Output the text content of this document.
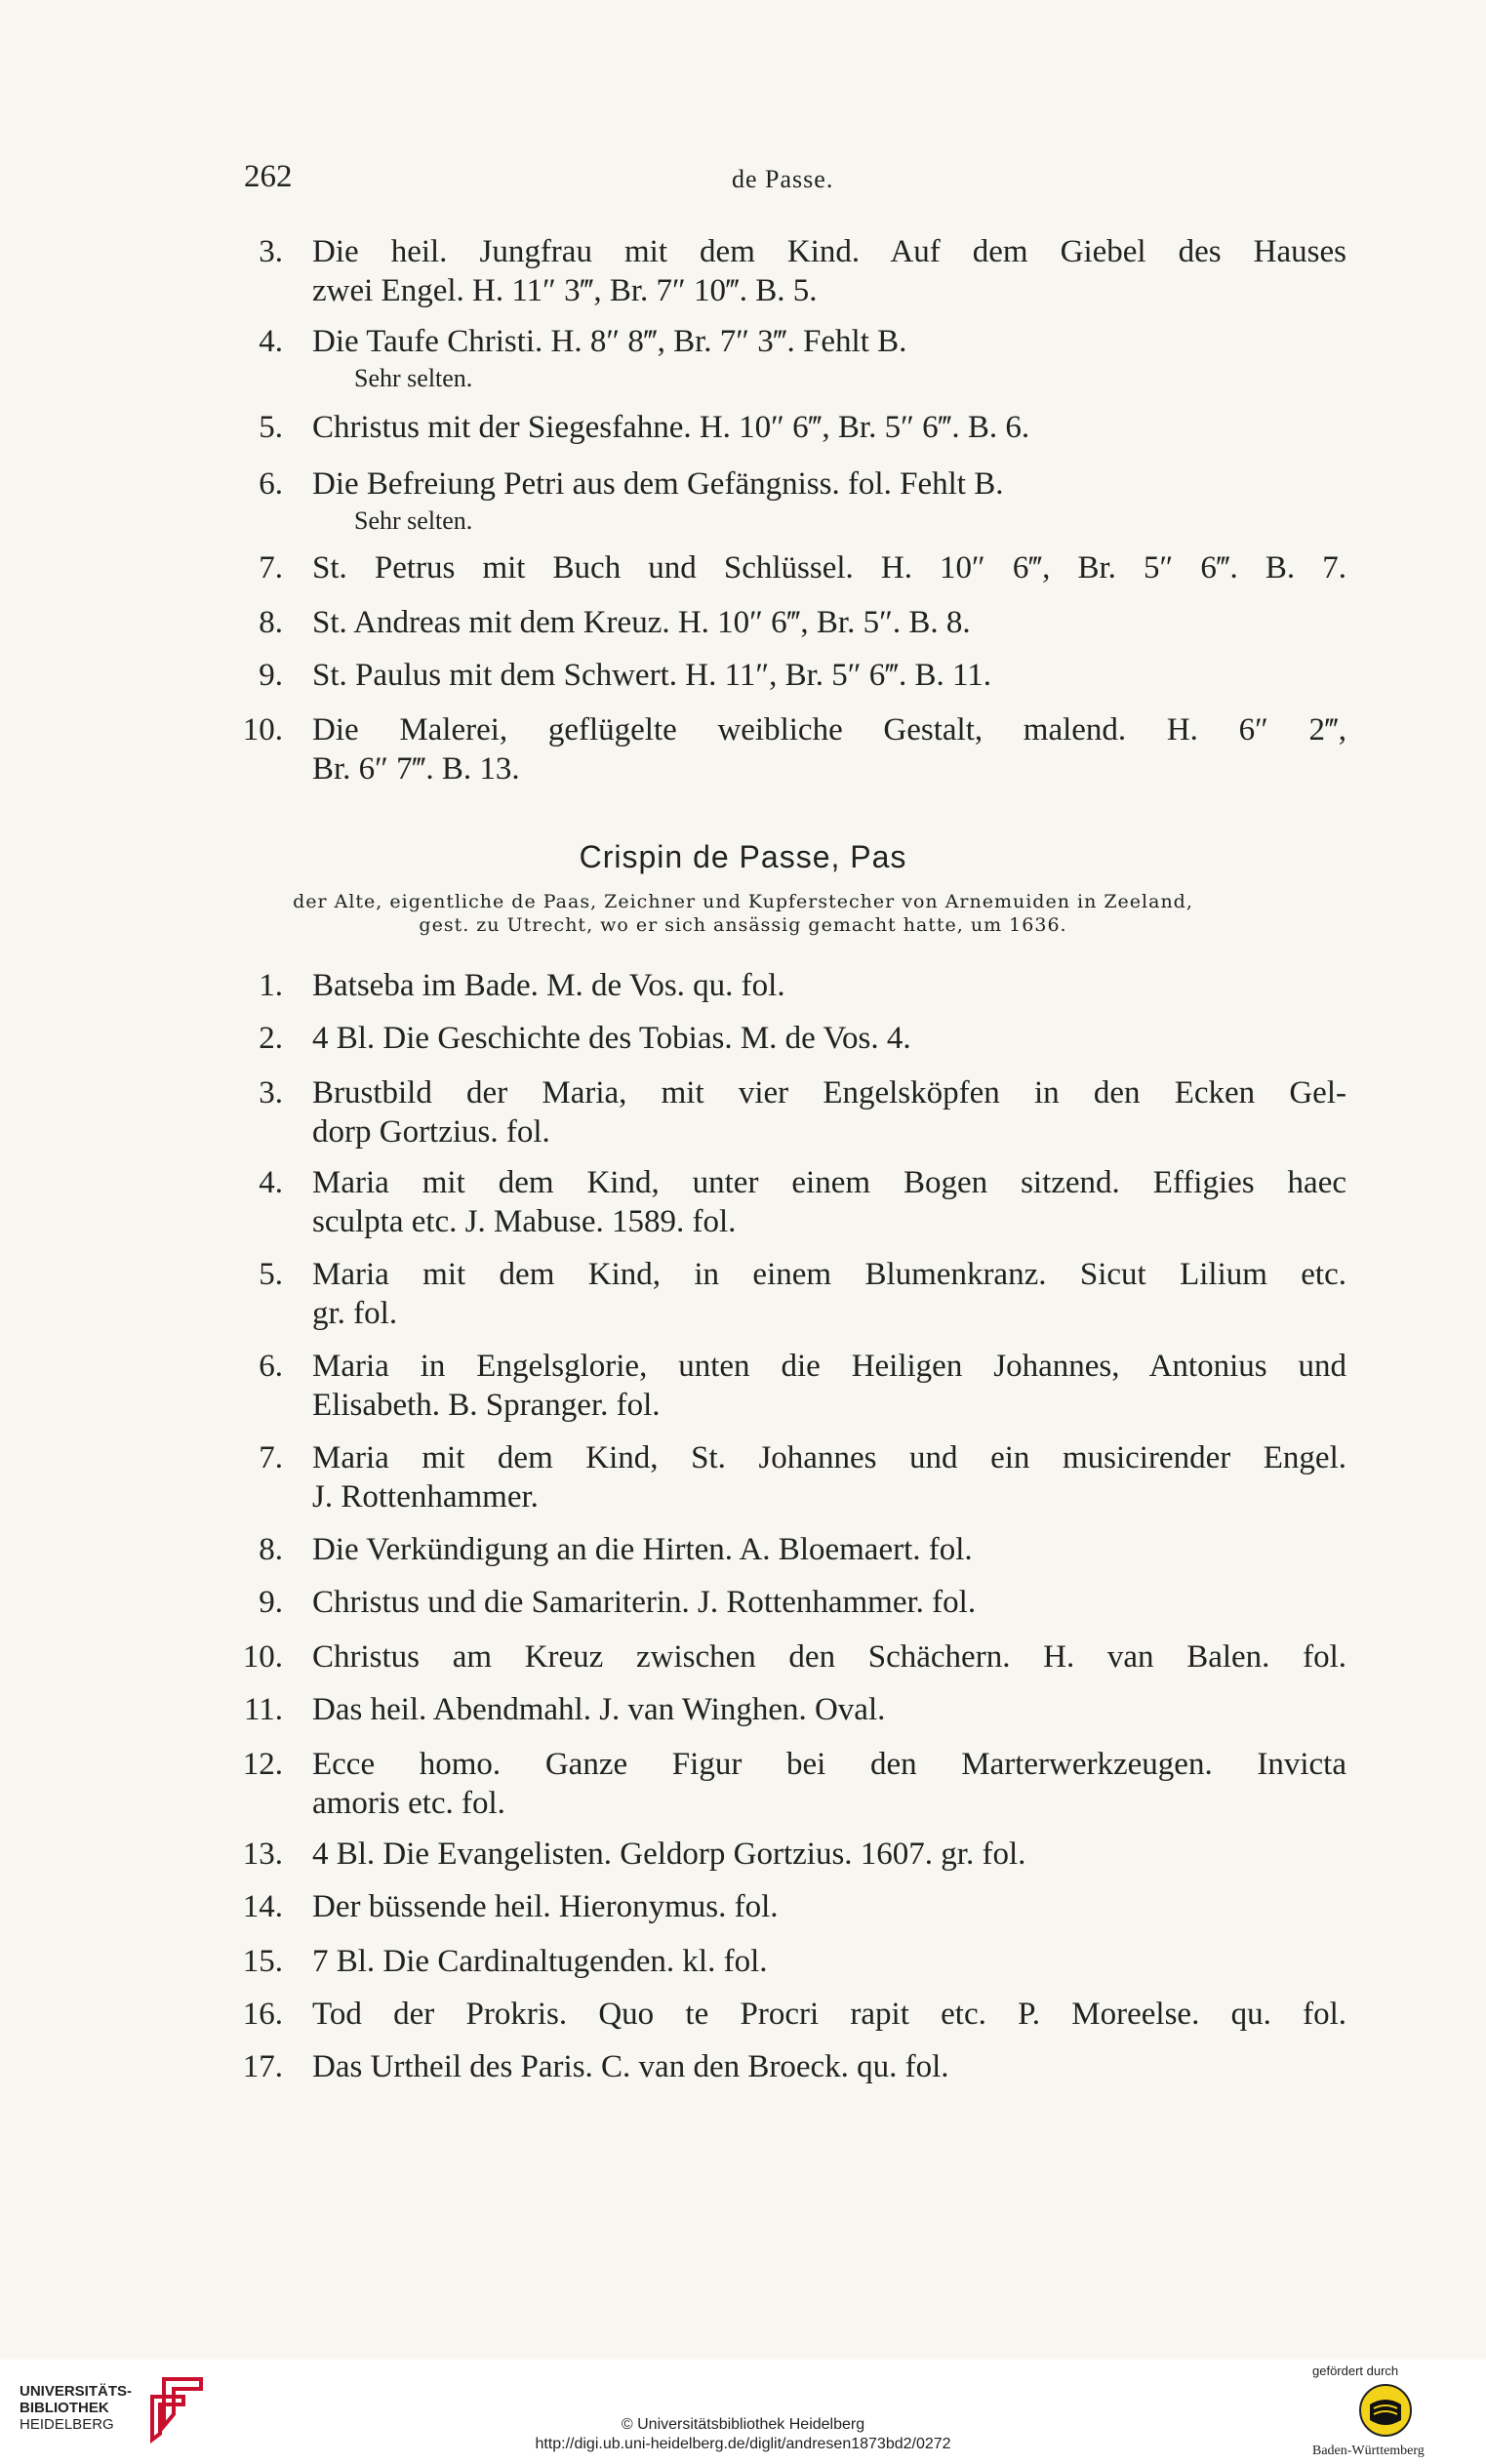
262	de Passe.
3. Die heil. Jungfrau mit dem Kind. Auf dem Giebel des Hauses
zwei Engel. H. 11″ 3‴, Br. 7″ 10‴. B. 5.
4. Die Taufe Christi. H. 8″ 8‴, Br. 7″ 3‴. Fehlt B.
Sehr selten.
5. Christus mit der Siegesfahne. H. 10″ 6‴, Br. 5″ 6‴. B. 6.
6. Die Befreiung Petri aus dem Gefängniss. fol. Fehlt B.
Sehr selten.
7. St. Petrus mit Buch und Schlüssel. H. 10″ 6‴, Br. 5″ 6‴. B. 7.
8. St. Andreas mit dem Kreuz. H. 10″ 6‴, Br. 5″. B. 8.
9. St. Paulus mit dem Schwert. H. 11″, Br. 5″ 6‴. B. 11.
10. Die Malerei, geflügelte weibliche Gestalt, malend. H. 6″ 2‴,
Br. 6″ 7‴. B. 13.
Crispin de Passe, Pas
der Alte, eigentliche de Paas, Zeichner und Kupferstecher von Arnemuiden in Zeeland,
gest. zu Utrecht, wo er sich ansässig gemacht hatte, um 1636.
1. Batseba im Bade. M. de Vos. qu. fol.
2. 4 Bl. Die Geschichte des Tobias. M. de Vos. 4.
3. Brustbild der Maria, mit vier Engelsköpfen in den Ecken Gel-
dorp Gortzius. fol.
4. Maria mit dem Kind, unter einem Bogen sitzend. Effigies haec
sculpta etc. J. Mabuse. 1589. fol.
5. Maria mit dem Kind, in einem Blumenkranz. Sicut Lilium etc.
gr. fol.
6. Maria in Engelsglorie, unten die Heiligen Johannes, Antonius und
Elisabeth. B. Spranger. fol.
7. Maria mit dem Kind, St. Johannes und ein musicirender Engel.
J. Rottenhammer.
8. Die Verkündigung an die Hirten. A. Bloemaert. fol.
9. Christus und die Samariterin. J. Rottenhammer. fol.
10. Christus am Kreuz zwischen den Schächern. H. van Balen. fol.
11. Das heil. Abendmahl. J. van Winghen. Oval.
12. Ecce homo. Ganze Figur bei den Marterwerkzeugen. Invicta
amoris etc. fol.
13. 4 Bl. Die Evangelisten. Geldorp Gortzius. 1607. gr. fol.
14. Der büssende heil. Hieronymus. fol.
15. 7 Bl. Die Cardinaltugenden. kl. fol.
16. Tod der Prokris. Quo te Procri rapit etc. P. Moreelse. qu. fol.
17. Das Urtheil des Paris. C. van den Broeck. qu. fol.
UNIVERSITÄTS-
BIBLIOTHEK
HEIDELBERG	© Universitätsbibliothek Heidelberg
http://digi.ub.uni-heidelberg.de/diglit/andresen1873bd2/0272
gefördert durch
Baden-Württemberg
